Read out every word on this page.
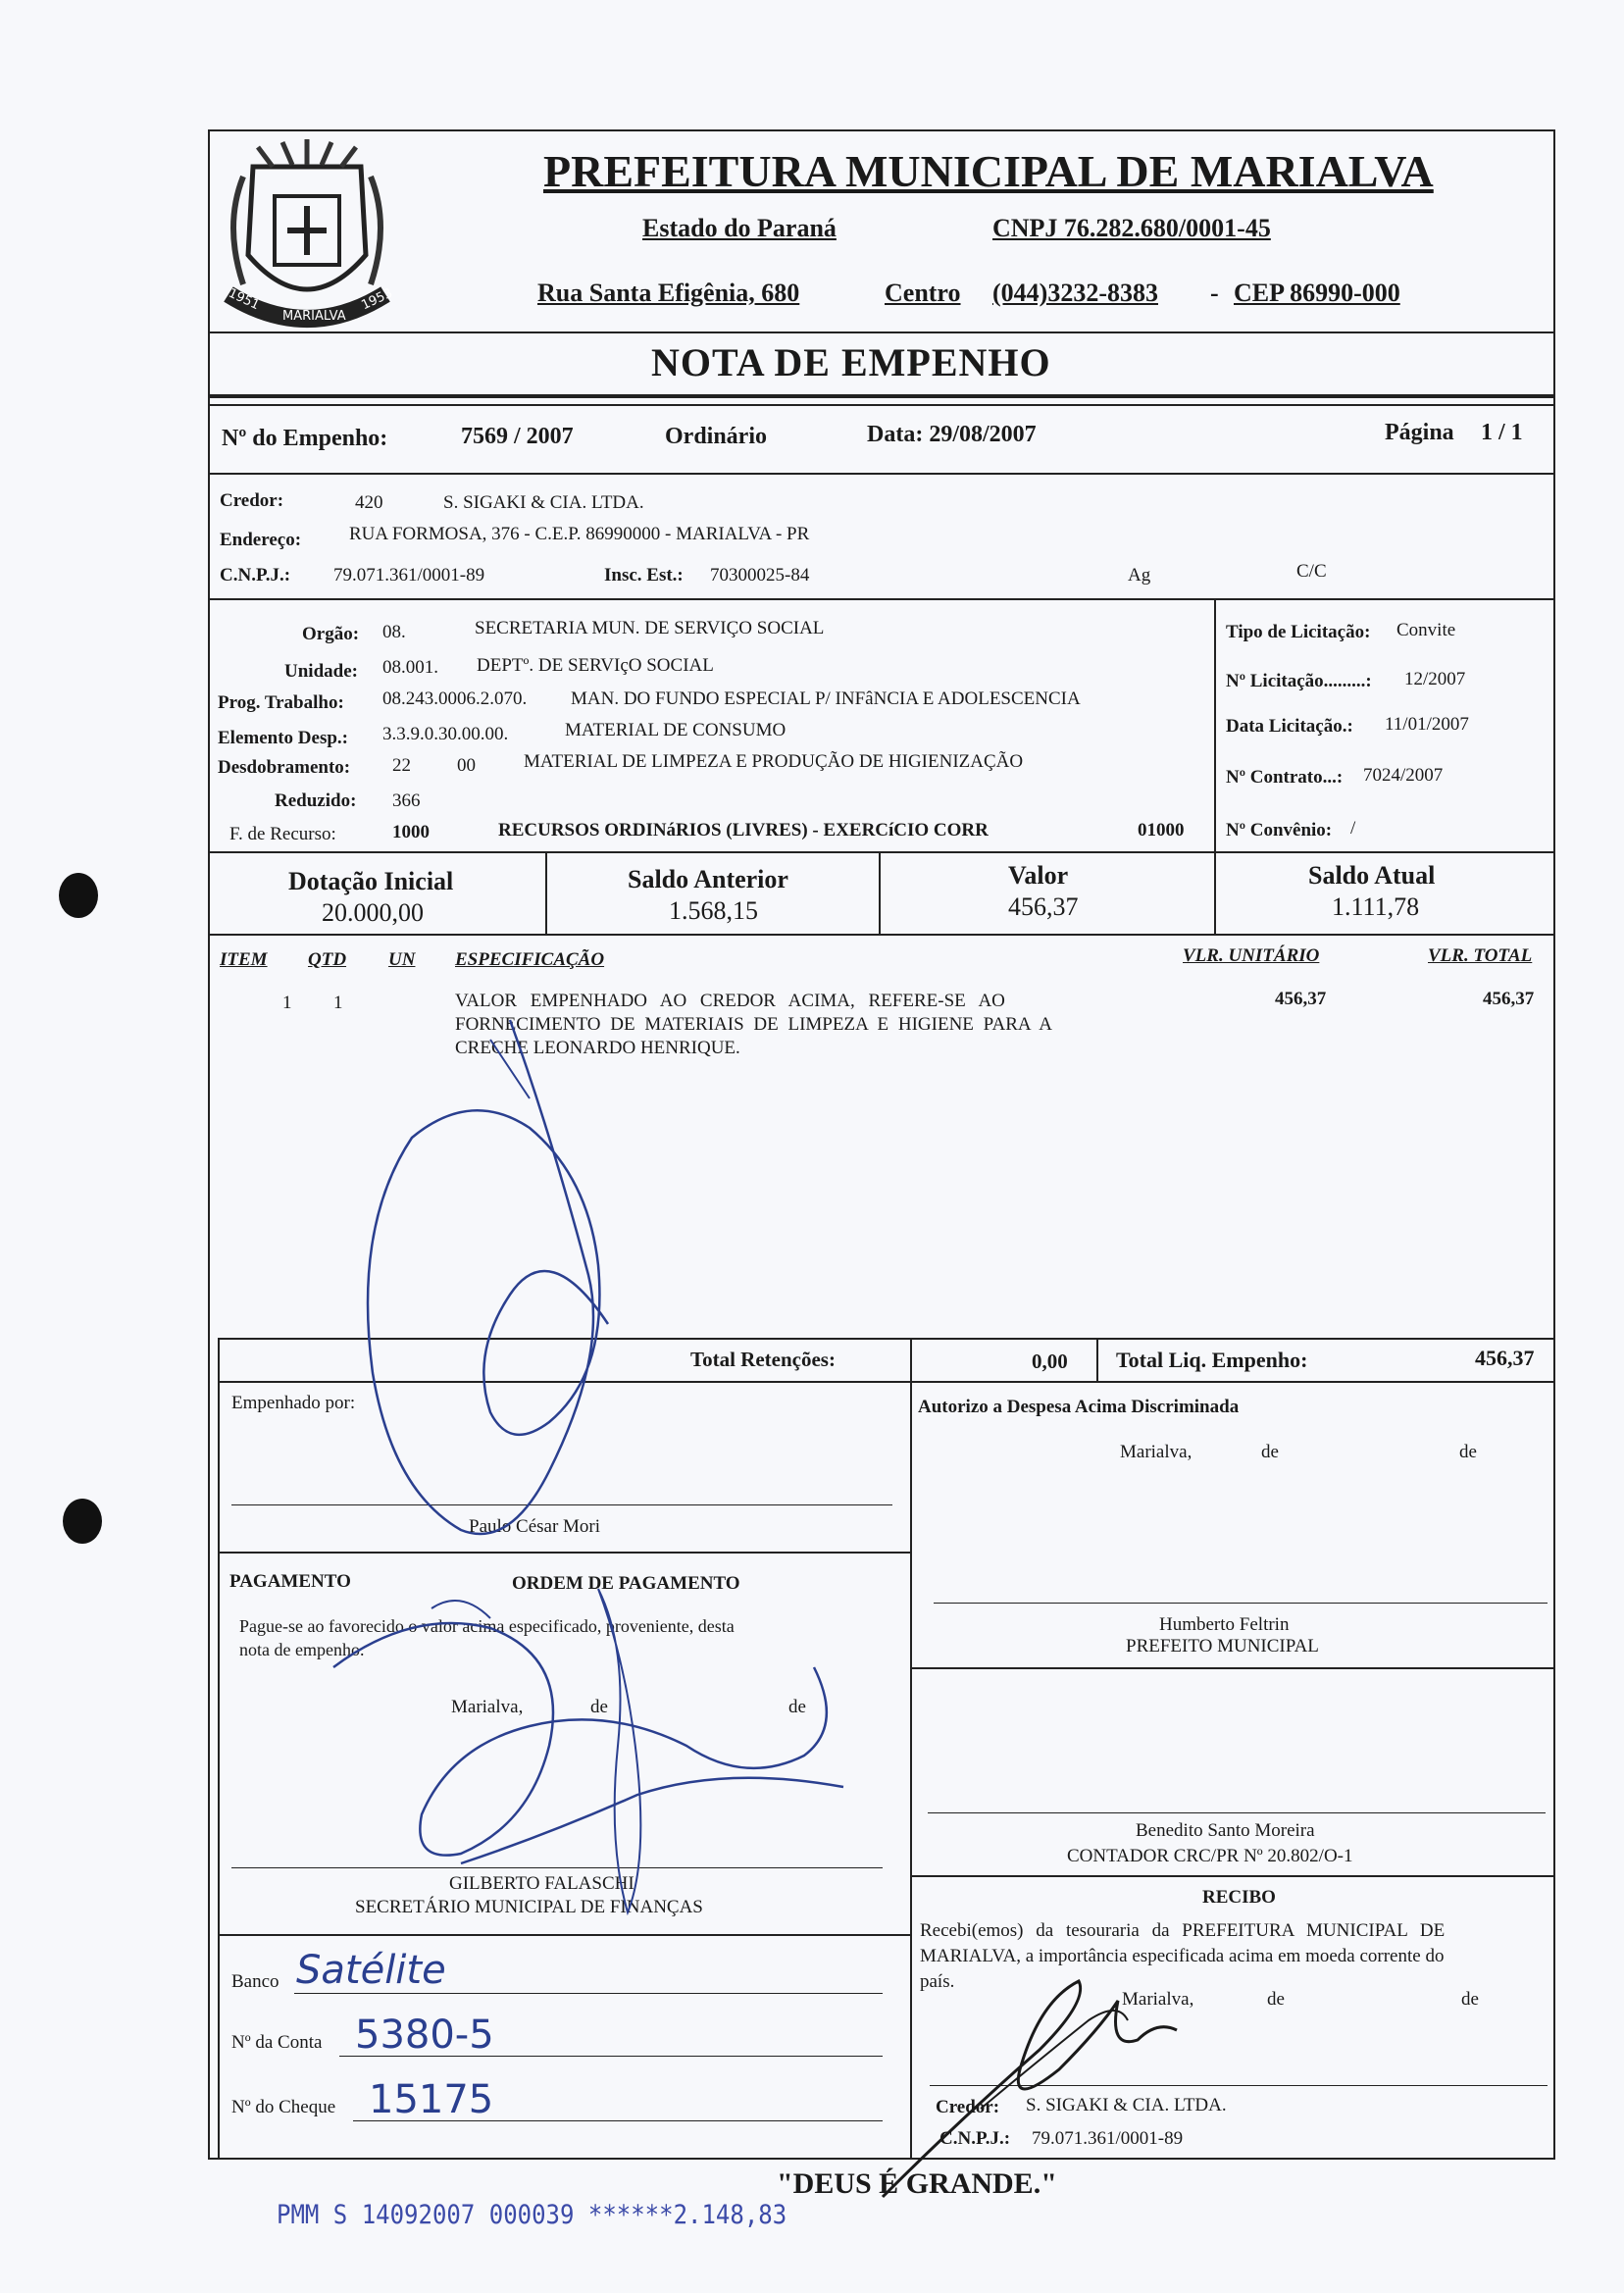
1951
MARIALVA
1953
PREFEITURA MUNICIPAL DE MARIALVA
Estado do Paraná	CNPJ 76.282.680/0001-45
Rua Santa Efigênia, 680	Centro (044)3232-8383 - CEP 86990-000
NOTA DE EMPENHO
Nº do Empenho:	7569 / 2007	Ordinário	Data: 29/08/2007	Página 1 / 1
Credor:	420	S. SIGAKI & CIA. LTDA.
Endereço:	RUA FORMOSA, 376 - C.E.P. 86990000 - MARIALVA - PR
C.N.P.J.: 79.071.361/0001-89	Insc. Est.: 70300025-84	Ag	C/C
Orgão: 08.	SECRETARIA MUN. DE SERVIÇO SOCIAL
Unidade: 08.001. DEPTº. DE SERVIçO SOCIAL
Prog. Trabalho: 08.243.0006.2.070. MAN. DO FUNDO ESPECIAL P/ INFâNCIA E ADOLESCENCIA
Elemento Desp.: 3.3.9.0.30.00.00.	MATERIAL DE CONSUMO
Desdobramento: 22 00	MATERIAL DE LIMPEZA E PRODUÇÃO DE HIGIENIZAÇÃO
Reduzido: 366
F. de Recurso:	1000	RECURSOS ORDINáRIOS (LIVRES) - EXERCíCIO CORR	01000
Tipo de Licitação: Convite
Nº Licitação.........: 12/2007
Data Licitação.: 11/01/2007
Nº Contrato...: 7024/2007
Nº Convênio: /
Dotação Inicial
20.000,00
Saldo Anterior
1.568,15
Valor
456,37
Saldo Atual
1.111,78
ITEM QTD UN ESPECIFICAÇÃO	VLR. UNITÁRIO	VLR. TOTAL
1 1	VALOR EMPENHADO AO CREDOR ACIMA, REFERE-SE AO
FORNECIMENTO DE MATERIAIS DE LIMPEZA E HIGIENE PARA A
CRECHE LEONARDO HENRIQUE.
456,37	456,37
Total Retenções:	0,00 Total Liq. Empenho:	456,37
Empenhado por:
Paulo César Mori
Autorizo a Despesa Acima Discriminada
Marialva,	de	de
Humberto Feltrin
PREFEITO MUNICIPAL
PAGAMENTO	ORDEM DE PAGAMENTO
Pague-se ao favorecido o valor acima especificado, proveniente, desta
nota de empenho.
Marialva,	de	de
GILBERTO FALASCHI
SECRETÁRIO MUNICIPAL DE FINANÇAS
Benedito Santo Moreira
CONTADOR CRC/PR Nº 20.802/O-1
RECIBO
Recebi(emos) da tesouraria da PREFEITURA MUNICIPAL DE
MARIALVA, a importância especificada acima em moeda corrente do
país.
Marialva,	de	de
Credor: S. SIGAKI & CIA. LTDA.
C.N.P.J.: 79.071.361/0001-89
Banco Satélite
Nº da Conta 5380-5
Nº do Cheque 15175
"DEUS É GRANDE."
PMM S 14092007 000039 ******2.148,83
